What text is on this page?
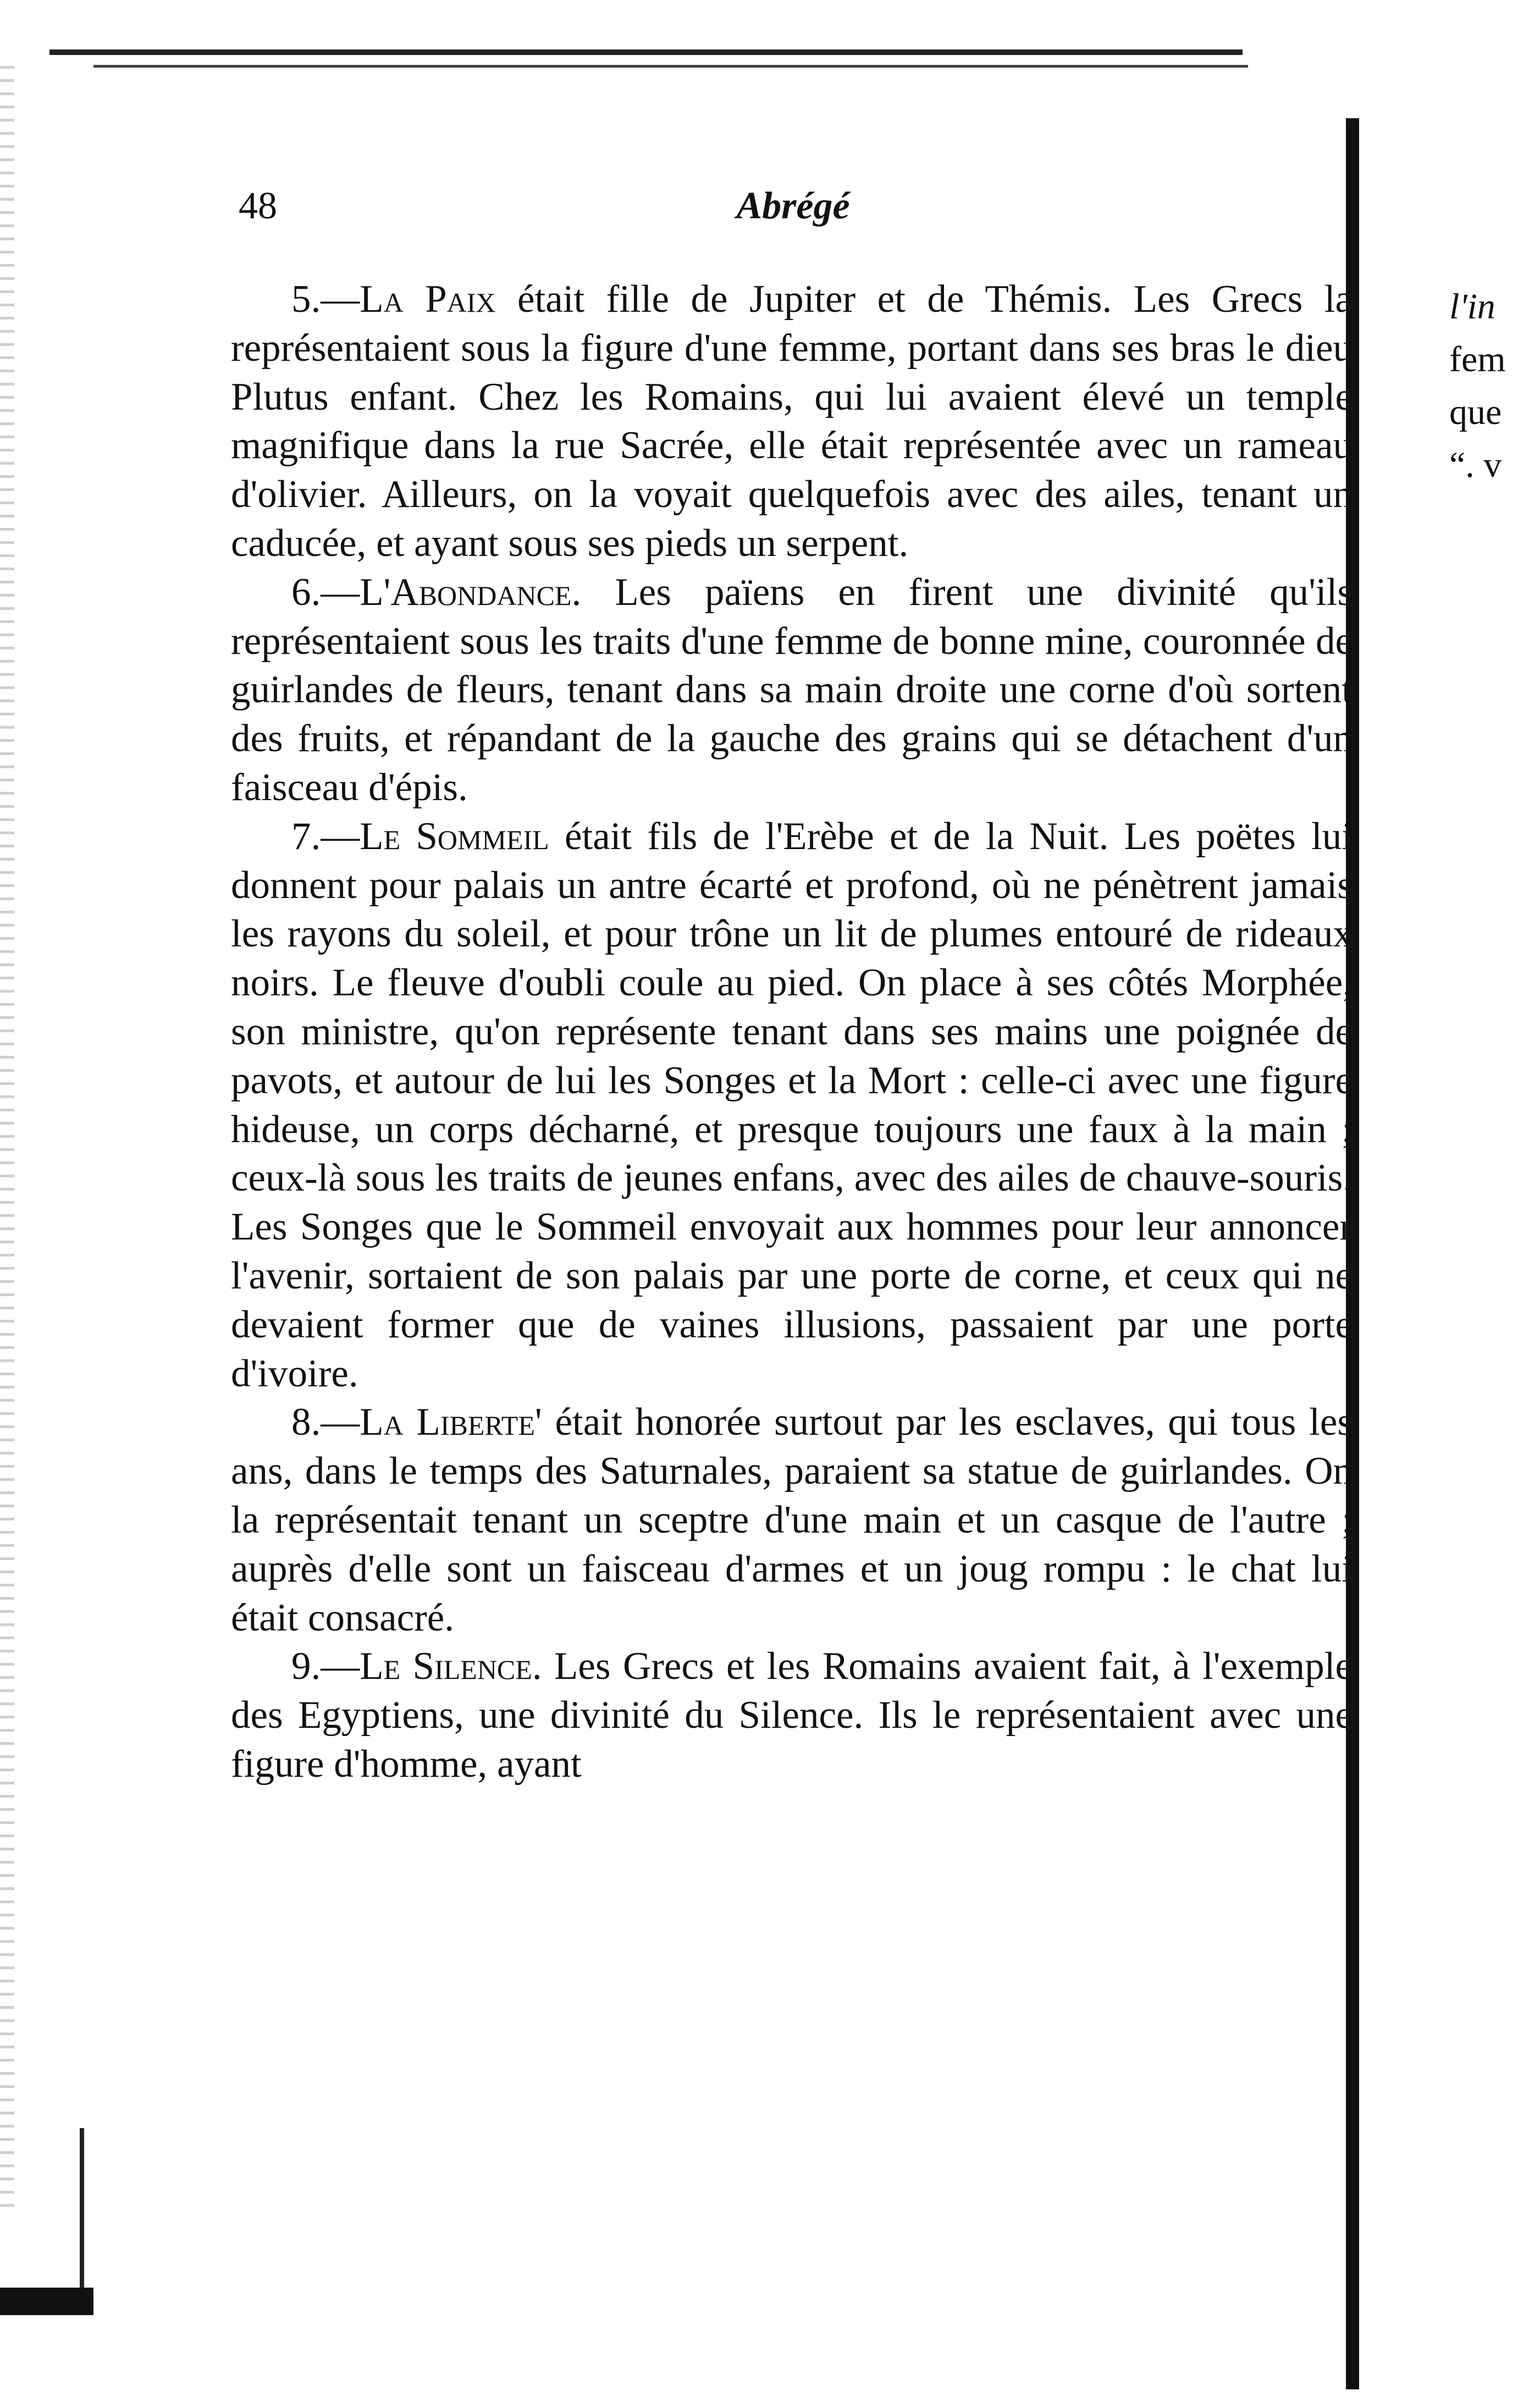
48	Abrégé

5.—La Paix était fille de Jupiter et de Thémis. Les Grecs la représentaient sous la figure d'une femme, portant dans ses bras le dieu Plutus enfant. Chez les Romains, qui lui avaient élevé un temple magnifique dans la rue Sacrée, elle était représentée avec un rameau d'olivier. Ailleurs, on la voyait quelquefois avec des ailes, tenant un caducée, et ayant sous ses pieds un serpent.

6.—L'Abondance. Les païens en firent une divinité qu'ils représentaient sous les traits d'une femme de bonne mine, couronnée de guirlandes de fleurs, tenant dans sa main droite une corne d'où sortent des fruits, et répandant de la gauche des grains qui se détachent d'un faisceau d'épis.

7.—Le Sommeil était fils de l'Erèbe et de la Nuit. Les poëtes lui donnent pour palais un antre écarté et profond, où ne pénètrent jamais les rayons du soleil, et pour trône un lit de plumes entouré de rideaux noirs. Le fleuve d'oubli coule au pied. On place à ses côtés Morphée, son ministre, qu'on représente tenant dans ses mains une poignée de pavots, et autour de lui les Songes et la Mort : celle-ci avec une figure hideuse, un corps décharné, et presque toujours une faux à la main ; ceux-là sous les traits de jeunes enfans, avec des ailes de chauve-souris. Les Songes que le Sommeil envoyait aux hommes pour leur annoncer l'avenir, sortaient de son palais par une porte de corne, et ceux qui ne devaient former que de vaines illusions, passaient par une porte d'ivoire.

8.—La Liberte' était honorée surtout par les esclaves, qui tous les ans, dans le temps des Saturnales, paraient sa statue de guirlandes. On la représentait tenant un sceptre d'une main et un casque de l'autre ; auprès d'elle sont un faisceau d'armes et un joug rompu : le chat lui était consacré.

9.—Le Silence. Les Grecs et les Romains avaient fait, à l'exemple des Egyptiens, une divinité du Silence. Ils le représentaient avec une figure d'homme, ayant

l'in
fem
que
“. v
